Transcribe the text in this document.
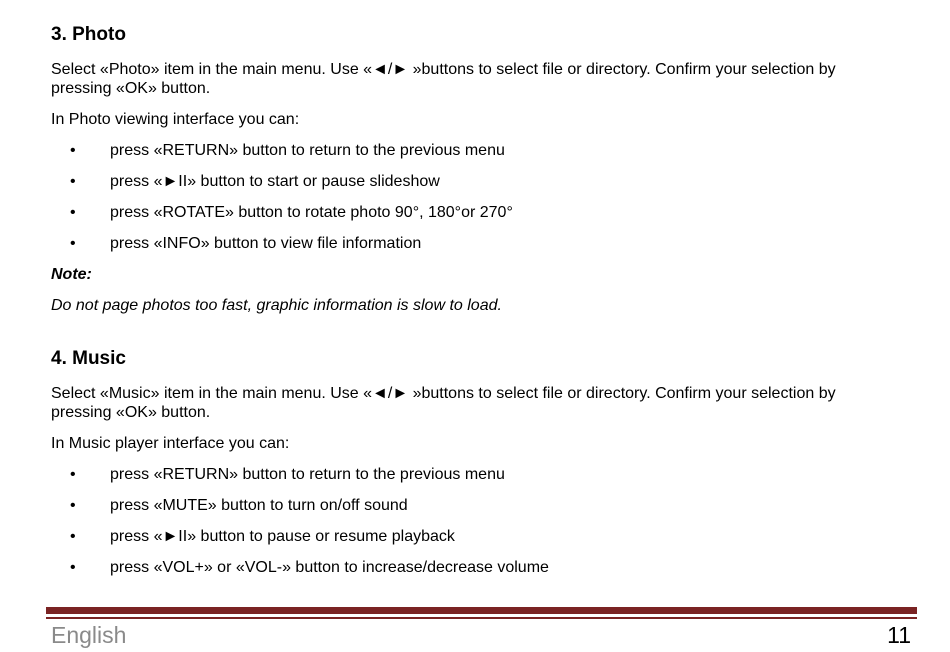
3. Photo

Select «Photo» item in the main menu. Use «◄/► »buttons to select file or directory. Confirm your selection by pressing «OK» button.

In Photo viewing interface you can:

• press «RETURN» button to return to the previous menu
• press «►II» button to start or pause slideshow
• press «ROTATE» button to rotate photo 90°, 180°or 270°
• press «INFO» button to view file information

Note:

Do not page photos too fast, graphic information is slow to load.

4. Music

Select «Music» item in the main menu. Use «◄/► »buttons to select file or directory. Confirm your selection by pressing «OK» button.

In Music player interface you can:

• press «RETURN» button to return to the previous menu
• press «MUTE» button to turn on/off sound
• press «►II» button to pause or resume playback
• press «VOL+» or «VOL-» button to increase/decrease volume
English	11
